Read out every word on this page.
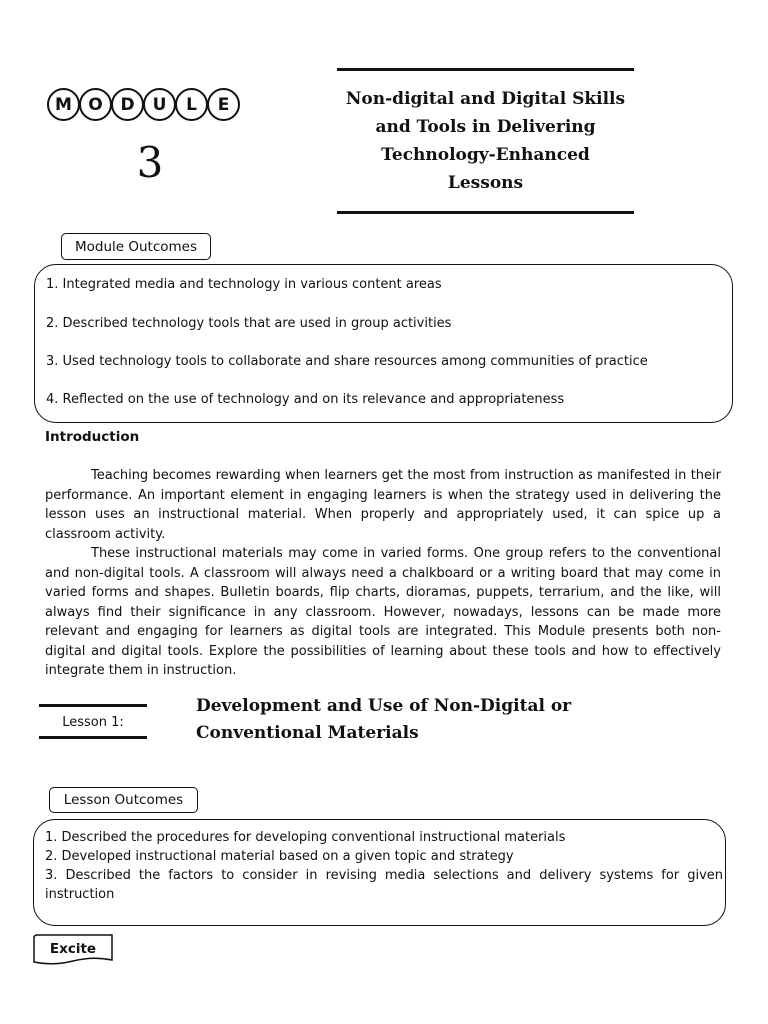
M O	D	U	L	E
3
Non-digital and Digital Skills
and Tools in Delivering
Technology-Enhanced
Lessons
1. Integrated media and technology in various content areas
2. Described technology tools that are used in group activities
3. Used technology tools to collaborate and share resources among communities of practice
4. Reflected on the use of technology and on its relevance and appropriateness
Module Outcomes
Introduction

Teaching becomes rewarding when learners get the most from instruction as manifested in their performance. An important element in engaging learners is when the strategy used in delivering the lesson uses an instructional material. When properly and appropriately used, it can spice up a classroom activity.

These instructional materials may come in varied forms. One group refers to the conventional and non-digital tools. A classroom will always need a chalkboard or a writing board that may come in varied forms and shapes. Bulletin boards, flip charts, dioramas, puppets, terrarium, and the like, will always find their significance in any classroom. However, nowadays, lessons can be made more relevant and engaging for learners as digital tools are integrated. This Module presents both non-digital and digital tools. Explore the possibilities of learning about these tools and how to effectively integrate them in instruction.

Lesson 1:
Development and Use of Non-Digital or
Conventional Materials
Lesson Outcomes
1. Described the procedures for developing conventional instructional materials
2. Developed instructional material based on a given topic and strategy
3. Described the factors to consider in revising media selections and delivery systems for given instruction
Excite
